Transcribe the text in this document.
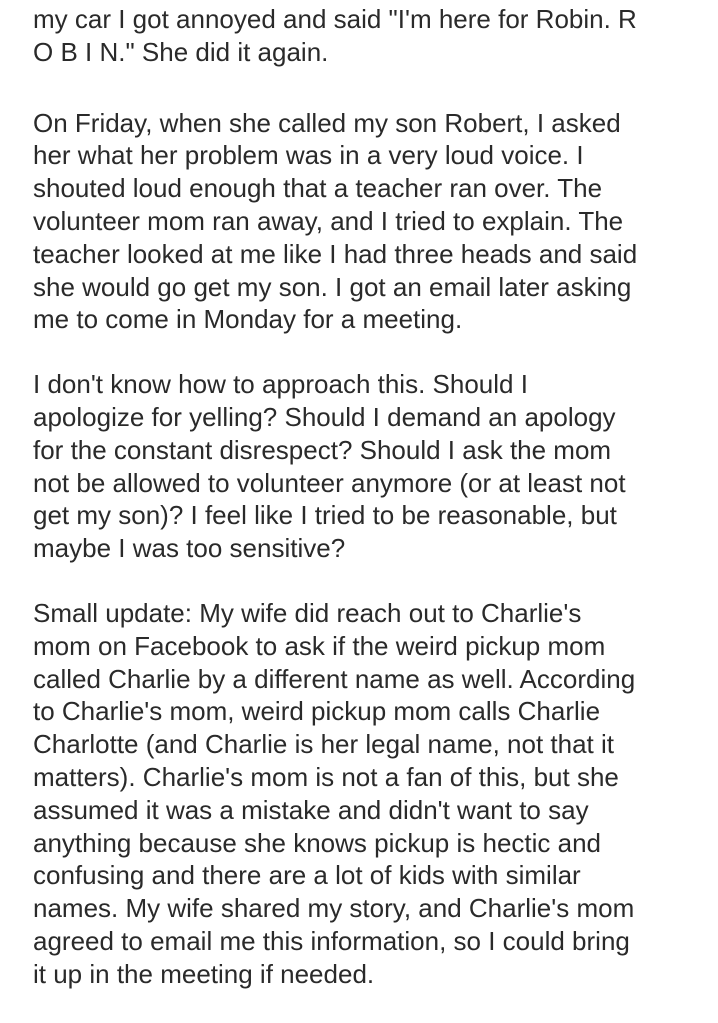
my car I got annoyed and said "I'm here for Robin. R
O B I N." She did it again.
On Friday, when she called my son Robert, I asked
her what her problem was in a very loud voice. I
shouted loud enough that a teacher ran over. The
volunteer mom ran away, and I tried to explain. The
teacher looked at me like I had three heads and said
she would go get my son. I got an email later asking
me to come in Monday for a meeting.
I don't know how to approach this. Should I
apologize for yelling? Should I demand an apology
for the constant disrespect? Should I ask the mom
not be allowed to volunteer anymore (or at least not
get my son)? I feel like I tried to be reasonable, but
maybe I was too sensitive?
Small update: My wife did reach out to Charlie's
mom on Facebook to ask if the weird pickup mom
called Charlie by a different name as well. According
to Charlie's mom, weird pickup mom calls Charlie
Charlotte (and Charlie is her legal name, not that it
matters). Charlie's mom is not a fan of this, but she
assumed it was a mistake and didn't want to say
anything because she knows pickup is hectic and
confusing and there are a lot of kids with similar
names. My wife shared my story, and Charlie's mom
agreed to email me this information, so I could bring
it up in the meeting if needed.
